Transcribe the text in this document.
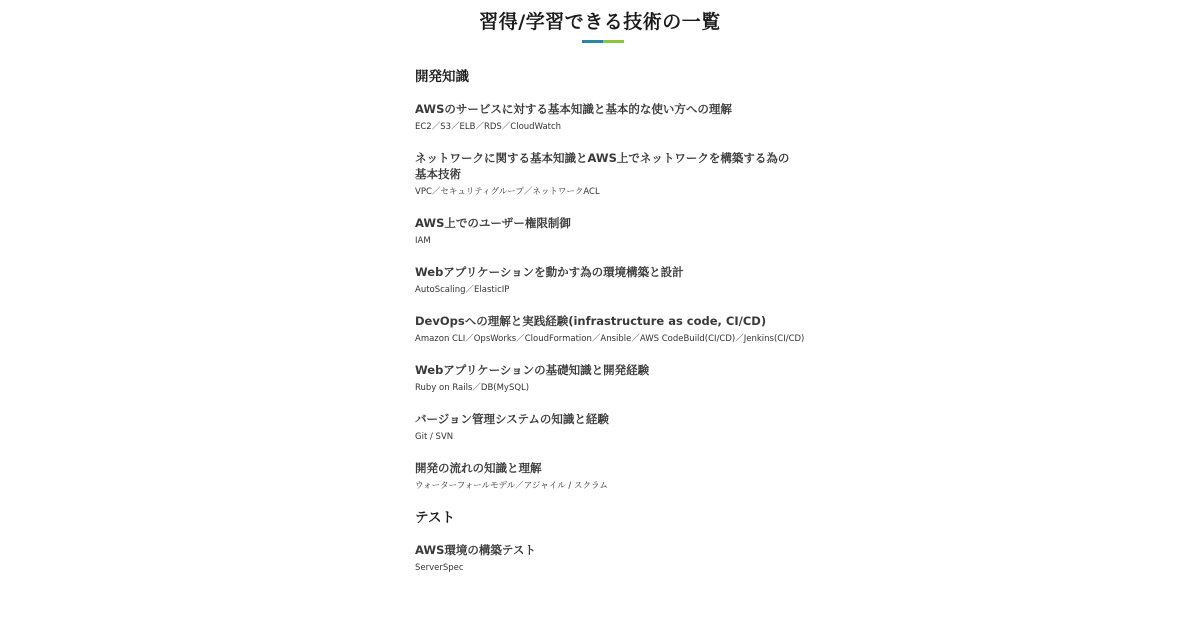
習得/学習できる技術の一覧
開発知識
AWSのサービスに対する基本知識と基本的な使い方への理解
EC2／S3／ELB／RDS／CloudWatch
ネットワークに関する基本知識とAWS上でネットワークを構築する為の基本技術
VPC／セキュリティグループ／ネットワークACL
AWS上でのユーザー権限制御
IAM
Webアプリケーションを動かす為の環境構築と設計
AutoScaling／ElasticIP
DevOpsへの理解と実践経験(infrastructure as code, CI/CD)
Amazon CLI／OpsWorks／CloudFormation／Ansible／AWS CodeBuild(CI/CD)／Jenkins(CI/CD)
Webアプリケーションの基礎知識と開発経験
Ruby on Rails／DB(MySQL)
バージョン管理システムの知識と経験
Git / SVN
開発の流れの知識と理解
ウォーターフォールモデル／アジャイル / スクラム
テスト
AWS環境の構築テスト
ServerSpec
